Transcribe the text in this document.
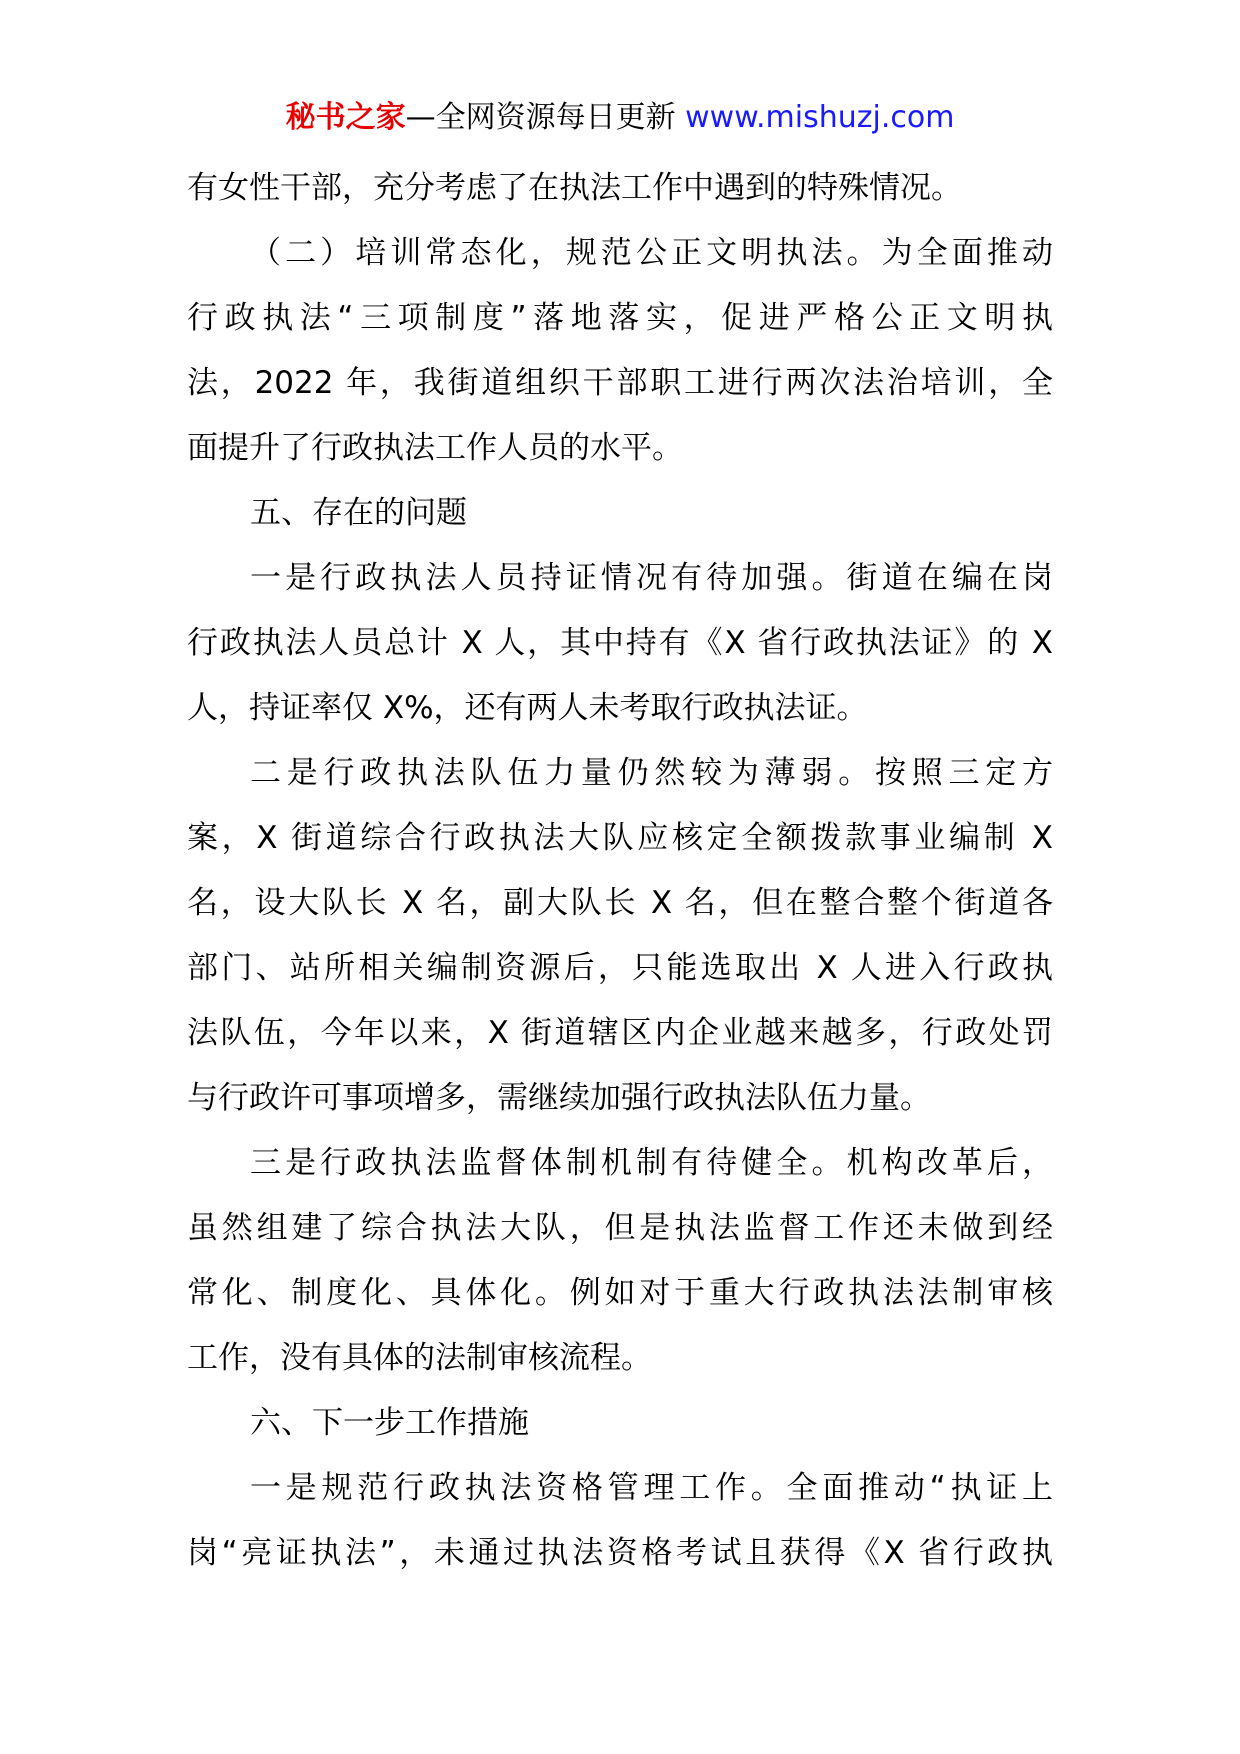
秘书之家—全网资源每日更新 www.mishuzj.com
有女性干部，充分考虑了在执法工作中遇到的特殊情况。
（二）培训常态化，规范公正文明执法。为全面推动
行政执法“三项制度”落地落实，促进严格公正文明执
法，2022 年，我街道组织干部职工进行两次法治培训，全
面提升了行政执法工作人员的水平。
五、存在的问题
一是行政执法人员持证情况有待加强。街道在编在岗
行政执法人员总计 X 人，其中持有《X 省行政执法证》的 X
人，持证率仅 X%，还有两人未考取行政执法证。
二是行政执法队伍力量仍然较为薄弱。按照三定方
案，X 街道综合行政执法大队应核定全额拨款事业编制 X
名，设大队长 X 名，副大队长 X 名，但在整合整个街道各
部门、站所相关编制资源后，只能选取出 X 人进入行政执
法队伍，今年以来，X 街道辖区内企业越来越多，行政处罚
与行政许可事项增多，需继续加强行政执法队伍力量。
三是行政执法监督体制机制有待健全。机构改革后，
虽然组建了综合执法大队，但是执法监督工作还未做到经
常化、制度化、具体化。例如对于重大行政执法法制审核
工作，没有具体的法制审核流程。
六、下一步工作措施
一是规范行政执法资格管理工作。全面推动“执证上
岗“亮证执法”，未通过执法资格考试且获得《X 省行政执
